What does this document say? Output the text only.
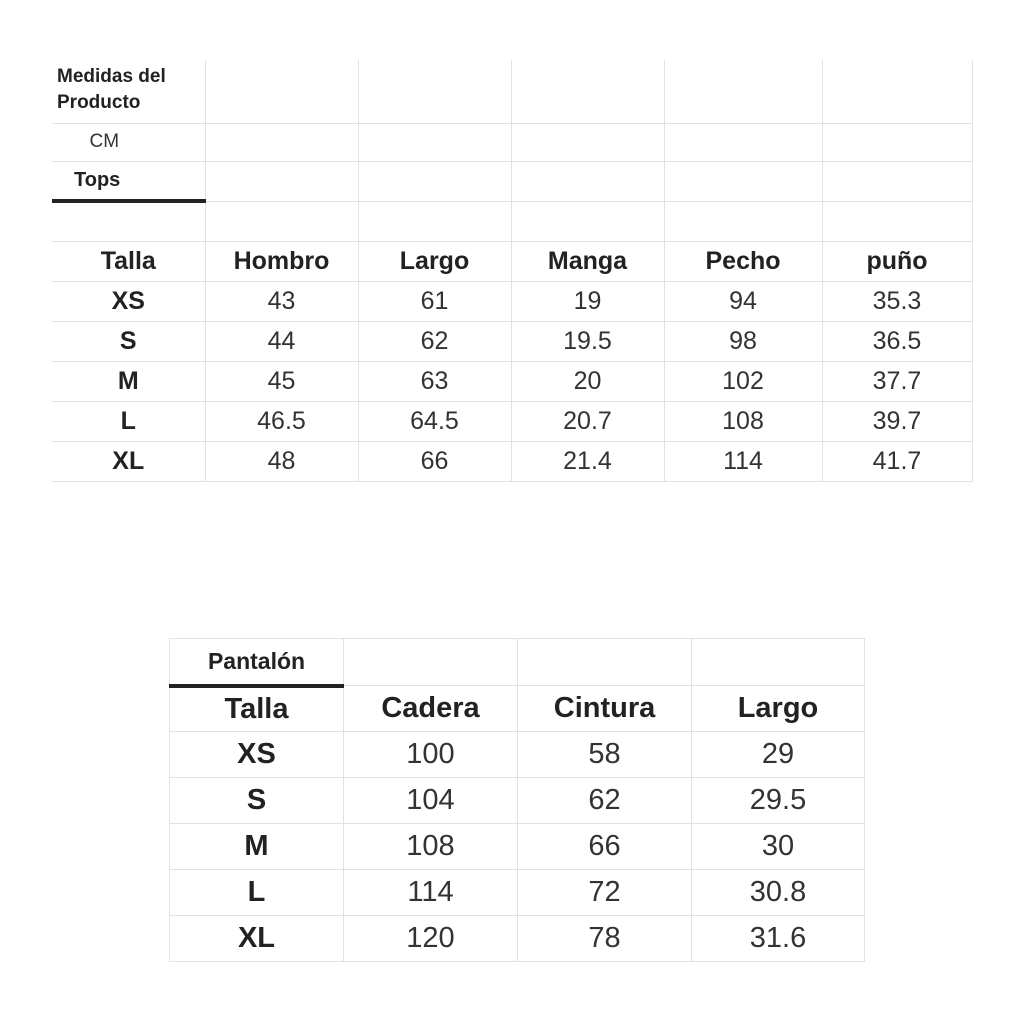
Medidas del
Producto					

CM					
Tops					

Talla	Hombro	Largo	Manga	Pecho	puño
XS	43	61	19	94	35.3
S	44	62	19.5	98	36.5
M	45	63	20	102	37.7
L	46.5	64.5	20.7	108	39.7
XL	48	66	21.4	114	41.7
Pantalón			
Talla	Cadera	Cintura	Largo
XS	100	58	29
S	104	62	29.5
M	108	66	30
L	114	72	30.8
XL	120	78	31.6
